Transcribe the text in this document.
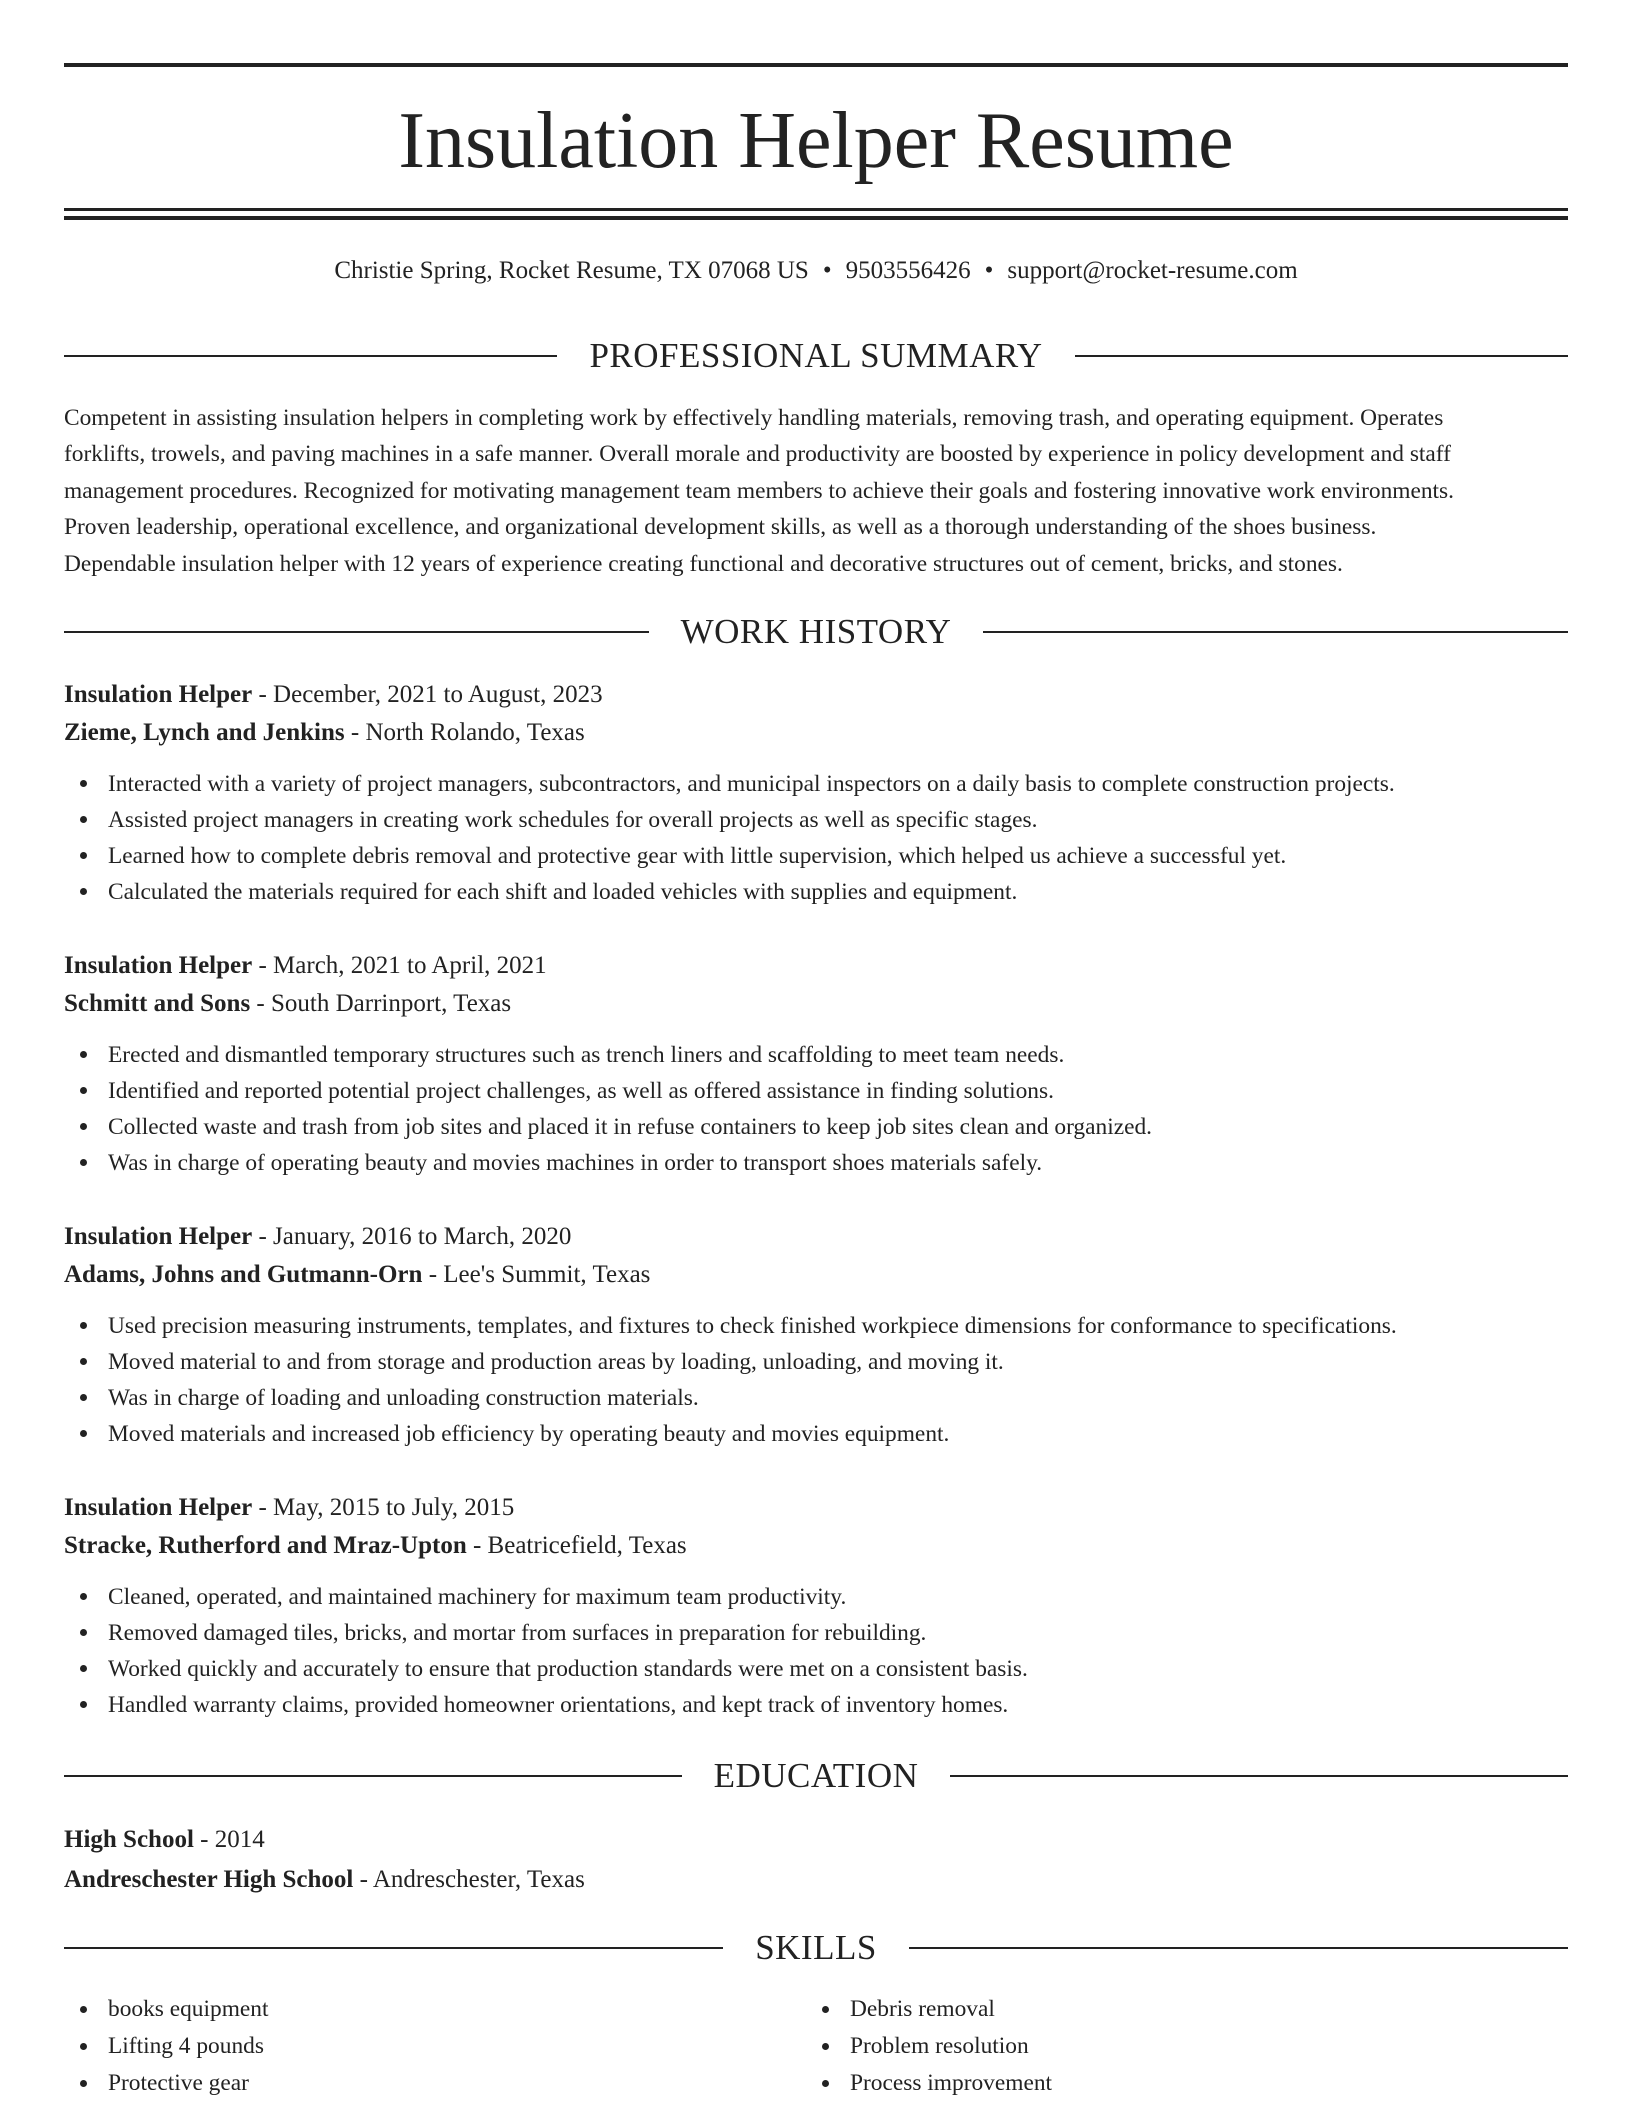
Insulation Helper Resume
Christie Spring, Rocket Resume, TX 07068 US • 9503556426 • support@rocket-resume.com
PROFESSIONAL SUMMARY
Competent in assisting insulation helpers in completing work by effectively handling materials, removing trash, and operating equipment. Operates
forklifts, trowels, and paving machines in a safe manner. Overall morale and productivity are boosted by experience in policy development and staff
management procedures. Recognized for motivating management team members to achieve their goals and fostering innovative work environments.
Proven leadership, operational excellence, and organizational development skills, as well as a thorough understanding of the shoes business.
Dependable insulation helper with 12 years of experience creating functional and decorative structures out of cement, bricks, and stones.
WORK HISTORY
Insulation Helper - December, 2021 to August, 2023
Zieme, Lynch and Jenkins - North Rolando, Texas
Interacted with a variety of project managers, subcontractors, and municipal inspectors on a daily basis to complete construction projects.
Assisted project managers in creating work schedules for overall projects as well as specific stages.
Learned how to complete debris removal and protective gear with little supervision, which helped us achieve a successful yet.
Calculated the materials required for each shift and loaded vehicles with supplies and equipment.
Insulation Helper - March, 2021 to April, 2021
Schmitt and Sons - South Darrinport, Texas
Erected and dismantled temporary structures such as trench liners and scaffolding to meet team needs.
Identified and reported potential project challenges, as well as offered assistance in finding solutions.
Collected waste and trash from job sites and placed it in refuse containers to keep job sites clean and organized.
Was in charge of operating beauty and movies machines in order to transport shoes materials safely.
Insulation Helper - January, 2016 to March, 2020
Adams, Johns and Gutmann-Orn - Lee's Summit, Texas
Used precision measuring instruments, templates, and fixtures to check finished workpiece dimensions for conformance to specifications.
Moved material to and from storage and production areas by loading, unloading, and moving it.
Was in charge of loading and unloading construction materials.
Moved materials and increased job efficiency by operating beauty and movies equipment.
Insulation Helper - May, 2015 to July, 2015
Stracke, Rutherford and Mraz-Upton - Beatricefield, Texas
Cleaned, operated, and maintained machinery for maximum team productivity.
Removed damaged tiles, bricks, and mortar from surfaces in preparation for rebuilding.
Worked quickly and accurately to ensure that production standards were met on a consistent basis.
Handled warranty claims, provided homeowner orientations, and kept track of inventory homes.
EDUCATION
High School - 2014
Andreschester High School - Andreschester, Texas
SKILLS
books equipment
Lifting 4 pounds
Protective gear
Debris removal
Problem resolution
Process improvement
